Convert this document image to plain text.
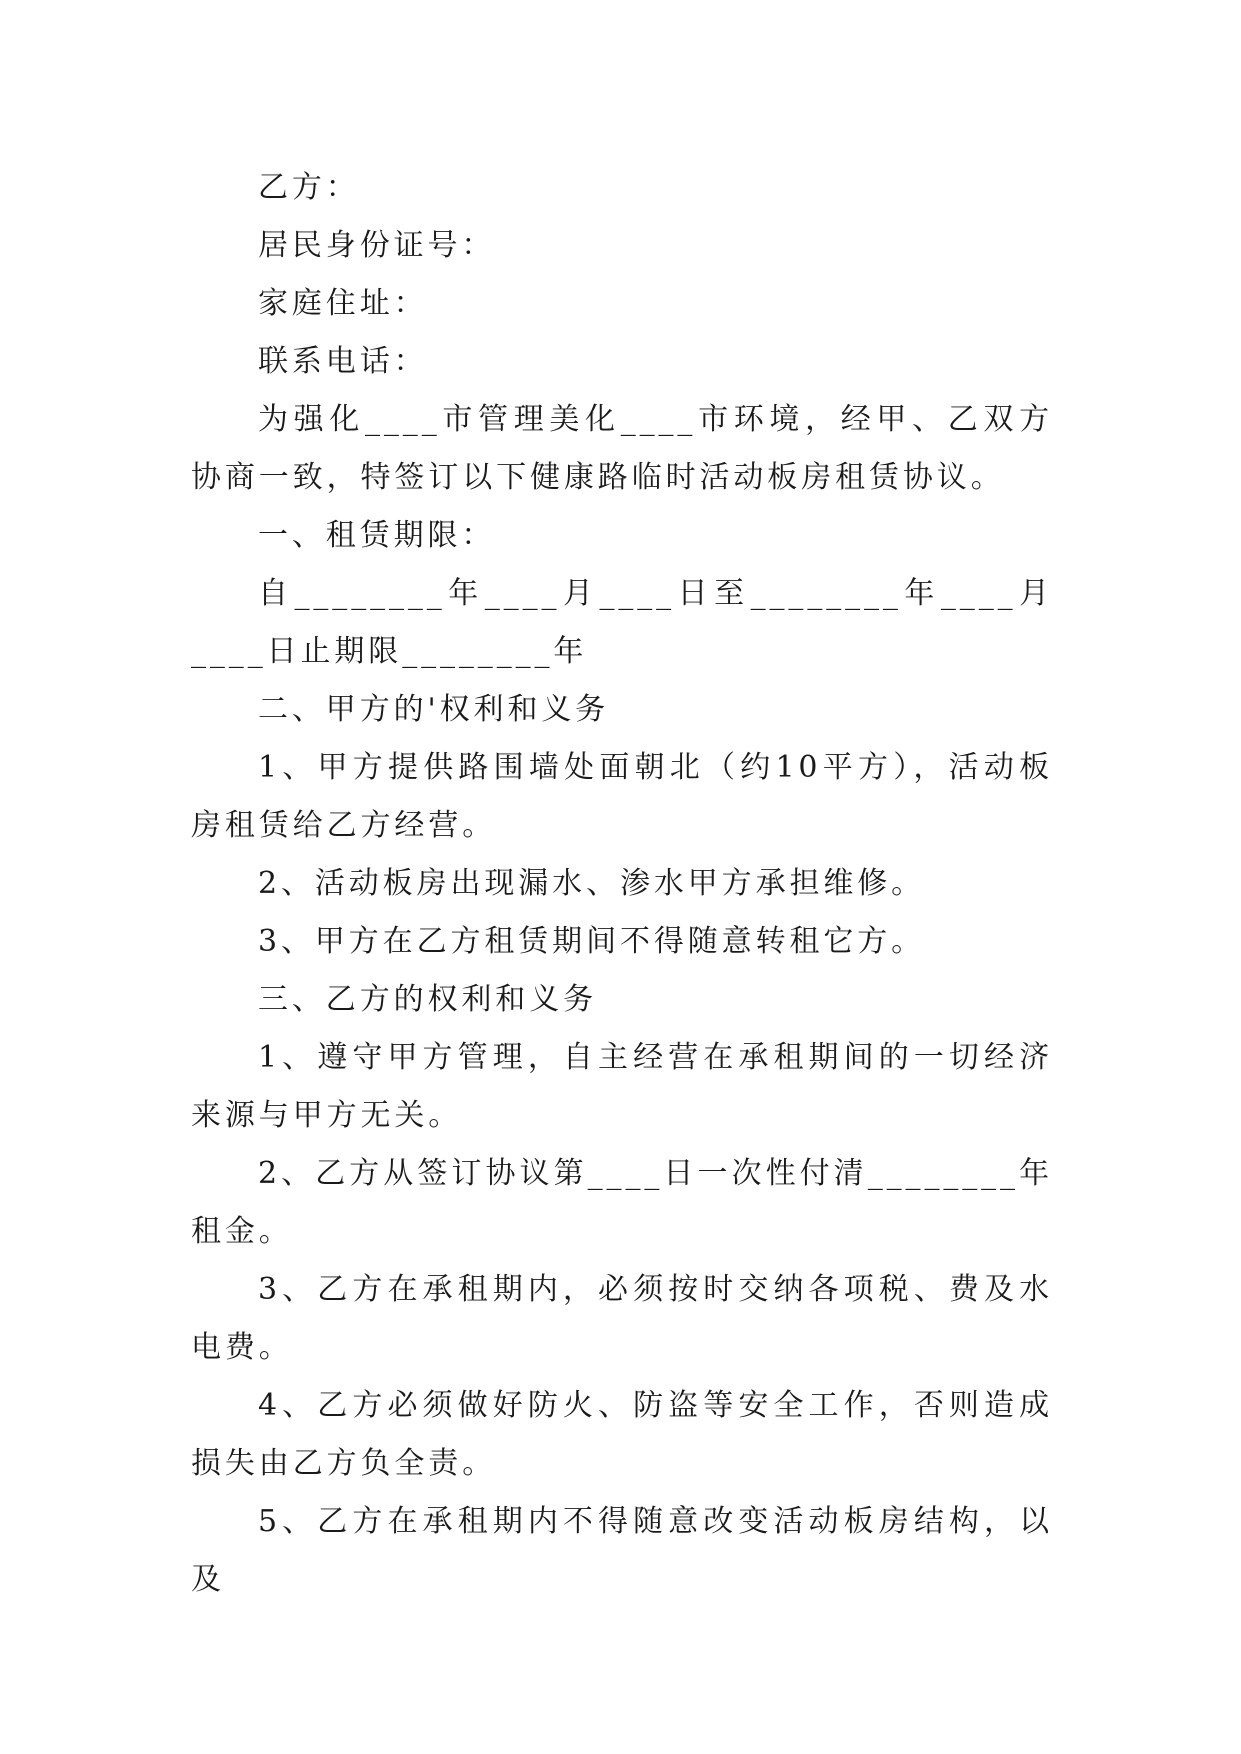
乙方：

居民身份证号：

家庭住址：

联系电话：

为强化____市管理美化____市环境，经甲、乙双方协商一致，特签订以下健康路临时活动板房租赁协议。

一、租赁期限：

自________年____月____日至________年____月____日止期限________年

二、甲方的'权利和义务

1、甲方提供路围墙处面朝北（约10平方），活动板房租赁给乙方经营。

2、活动板房出现漏水、渗水甲方承担维修。

3、甲方在乙方租赁期间不得随意转租它方。

三、乙方的权利和义务

1、遵守甲方管理，自主经营在承租期间的一切经济来源与甲方无关。

2、乙方从签订协议第____日一次性付清________年租金。

3、乙方在承租期内，必须按时交纳各项税、费及水电费。

4、乙方必须做好防火、防盗等安全工作，否则造成损失由乙方负全责。

5、乙方在承租期内不得随意改变活动板房结构，以及
